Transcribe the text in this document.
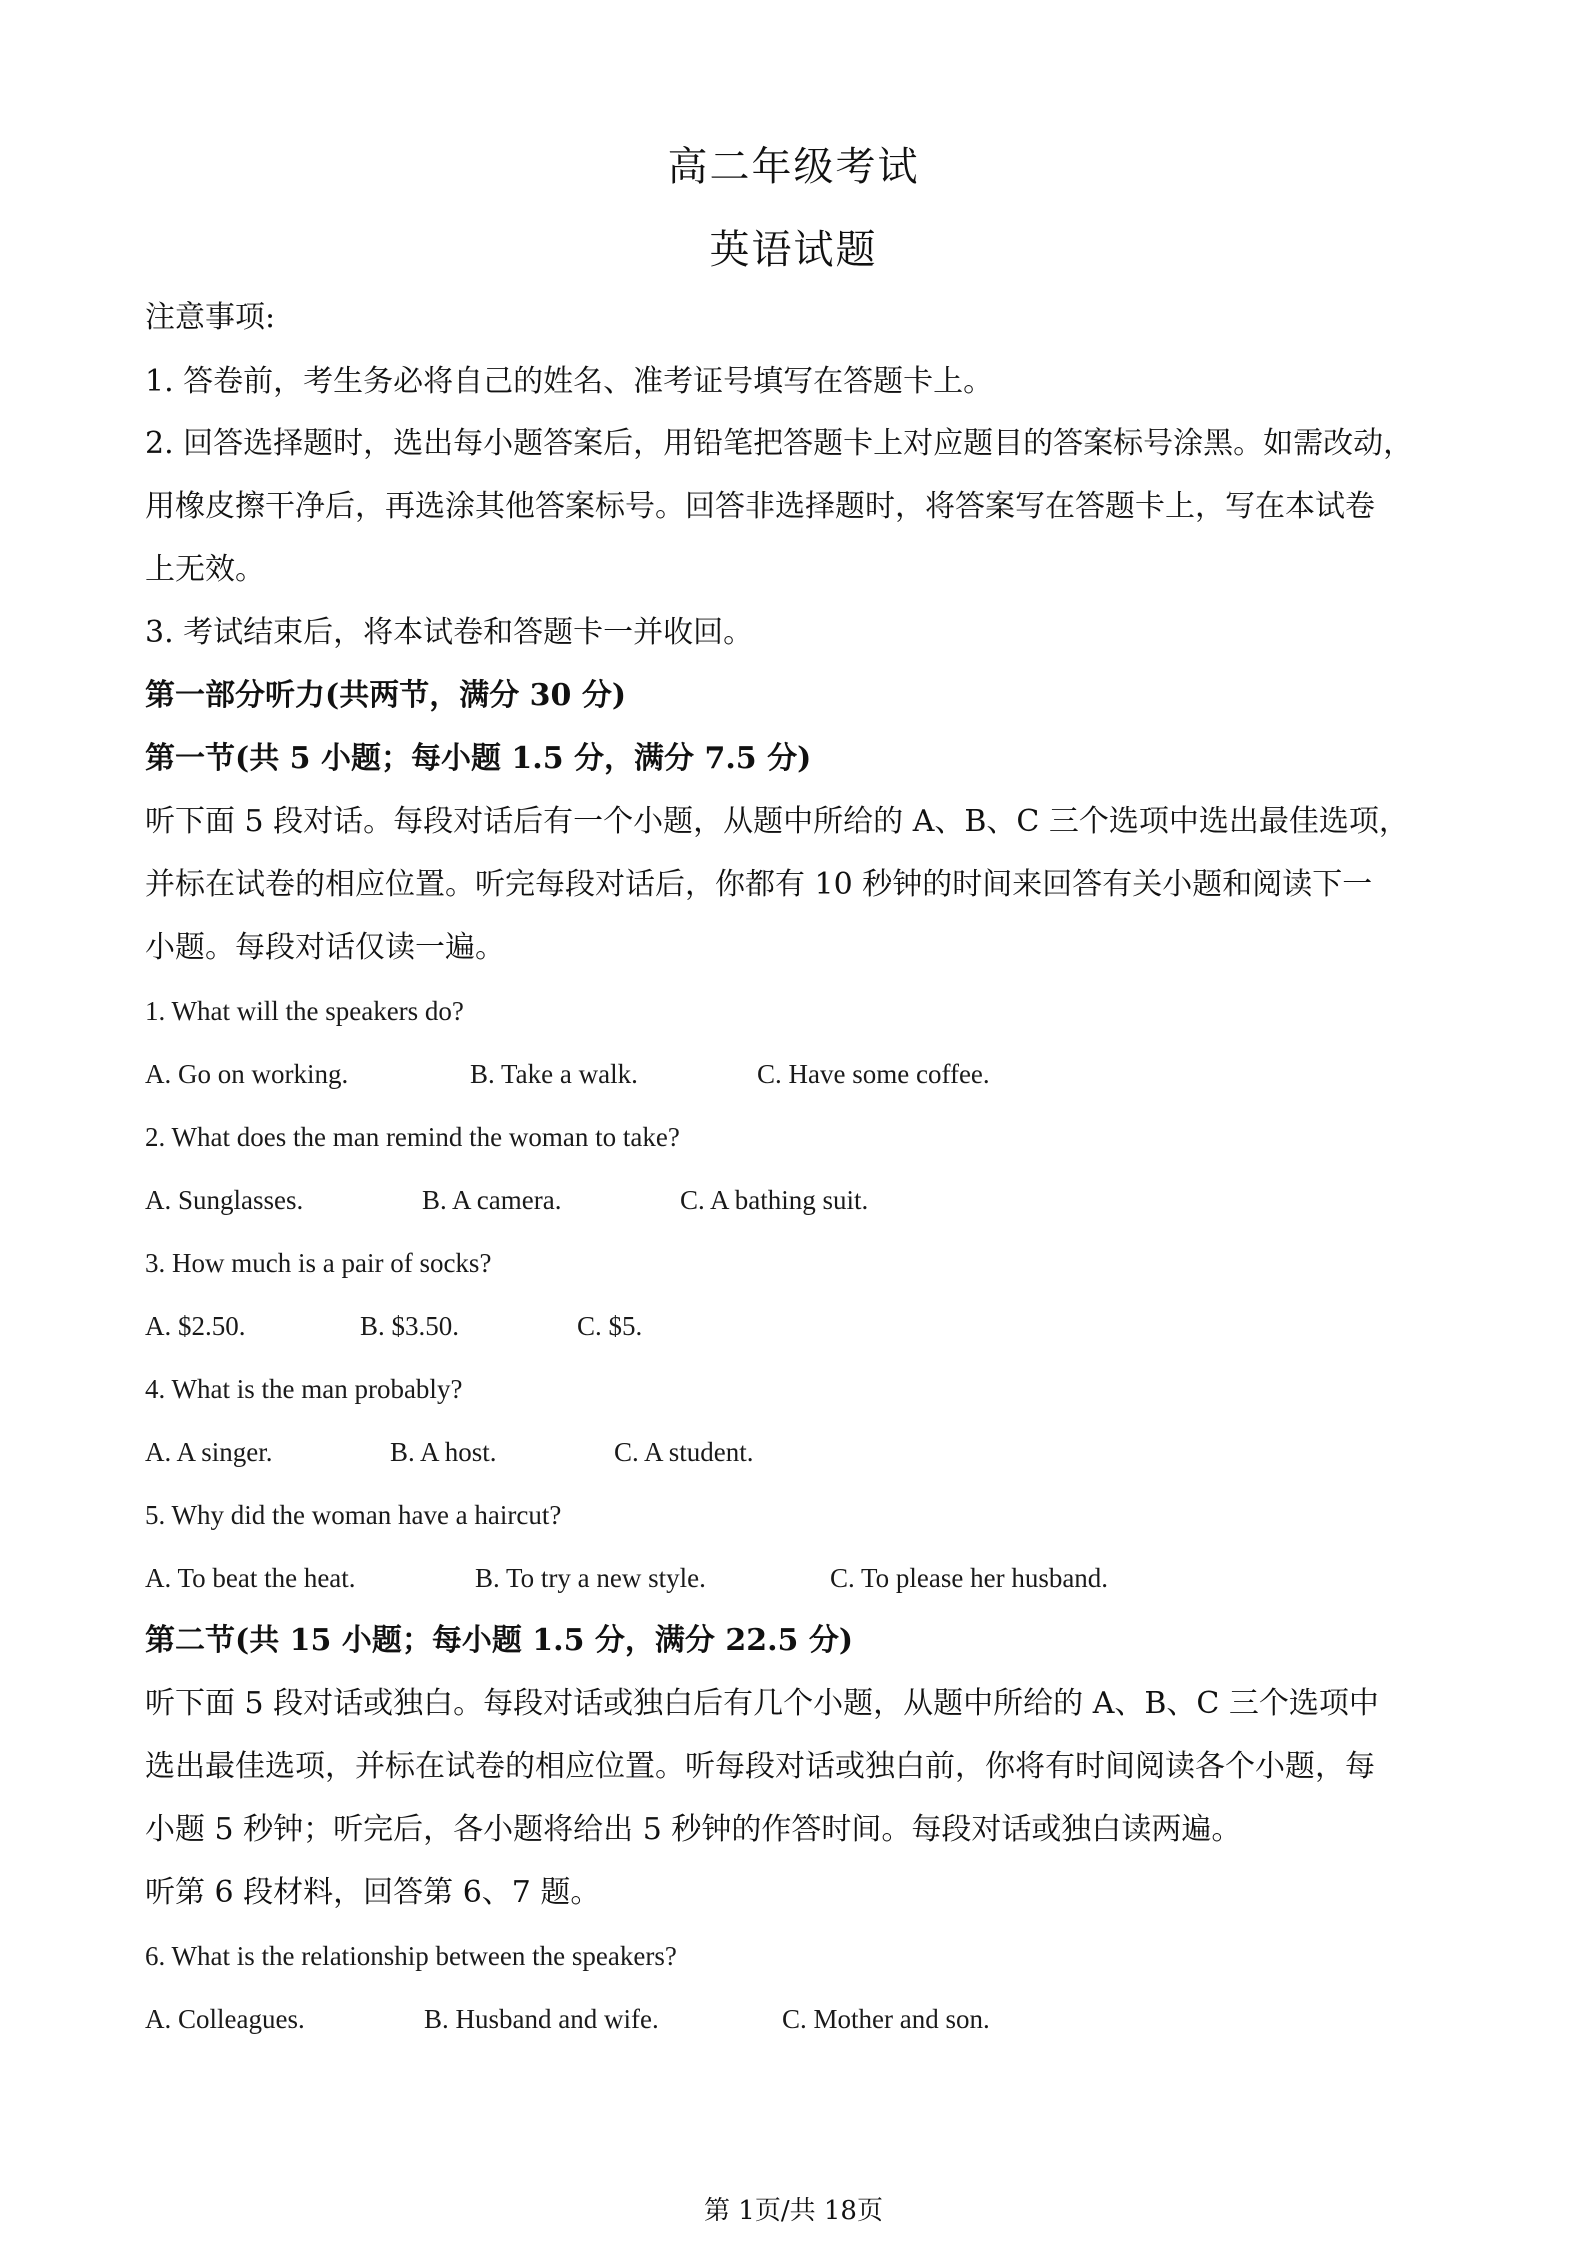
高二年级考试
英语试题
注意事项:
1. 答卷前，考生务必将自己的姓名、准考证号填写在答题卡上。
2. 回答选择题时，选出每小题答案后，用铅笔把答题卡上对应题目的答案标号涂黑。如需改动，
用橡皮擦干净后，再选涂其他答案标号。回答非选择题时，将答案写在答题卡上，写在本试卷
上无效。
3. 考试结束后，将本试卷和答题卡一并收回。
第一部分听力(共两节，满分 30 分)
第一节(共 5 小题；每小题 1.5 分，满分 7.5 分)
听下面 5 段对话。每段对话后有一个小题，从题中所给的 A、B、C 三个选项中选出最佳选项，
并标在试卷的相应位置。听完每段对话后，你都有 10 秒钟的时间来回答有关小题和阅读下一
小题。每段对话仅读一遍。
1. What will the speakers do?
A. Go on working.	B. Take a walk.	C. Have some coffee.
2. What does the man remind the woman to take?
A. Sunglasses.	B. A camera.	C. A bathing suit.
3. How much is a pair of socks?
A. $2.50.	B. $3.50.	C. $5.
4. What is the man probably?
A. A singer.	B. A host.	C. A student.
5. Why did the woman have a haircut?
A. To beat the heat.	B. To try a new style.	C. To please her husband.
第二节(共 15 小题；每小题 1.5 分，满分 22.5 分)
听下面 5 段对话或独白。每段对话或独白后有几个小题，从题中所给的 A、B、C 三个选项中
选出最佳选项，并标在试卷的相应位置。听每段对话或独白前，你将有时间阅读各个小题，每
小题 5 秒钟；听完后，各小题将给出 5 秒钟的作答时间。每段对话或独白读两遍。
听第 6 段材料，回答第 6、7 题。
6. What is the relationship between the speakers?
A. Colleagues.	B. Husband and wife.	C. Mother and son.
第 1页/共 18页
